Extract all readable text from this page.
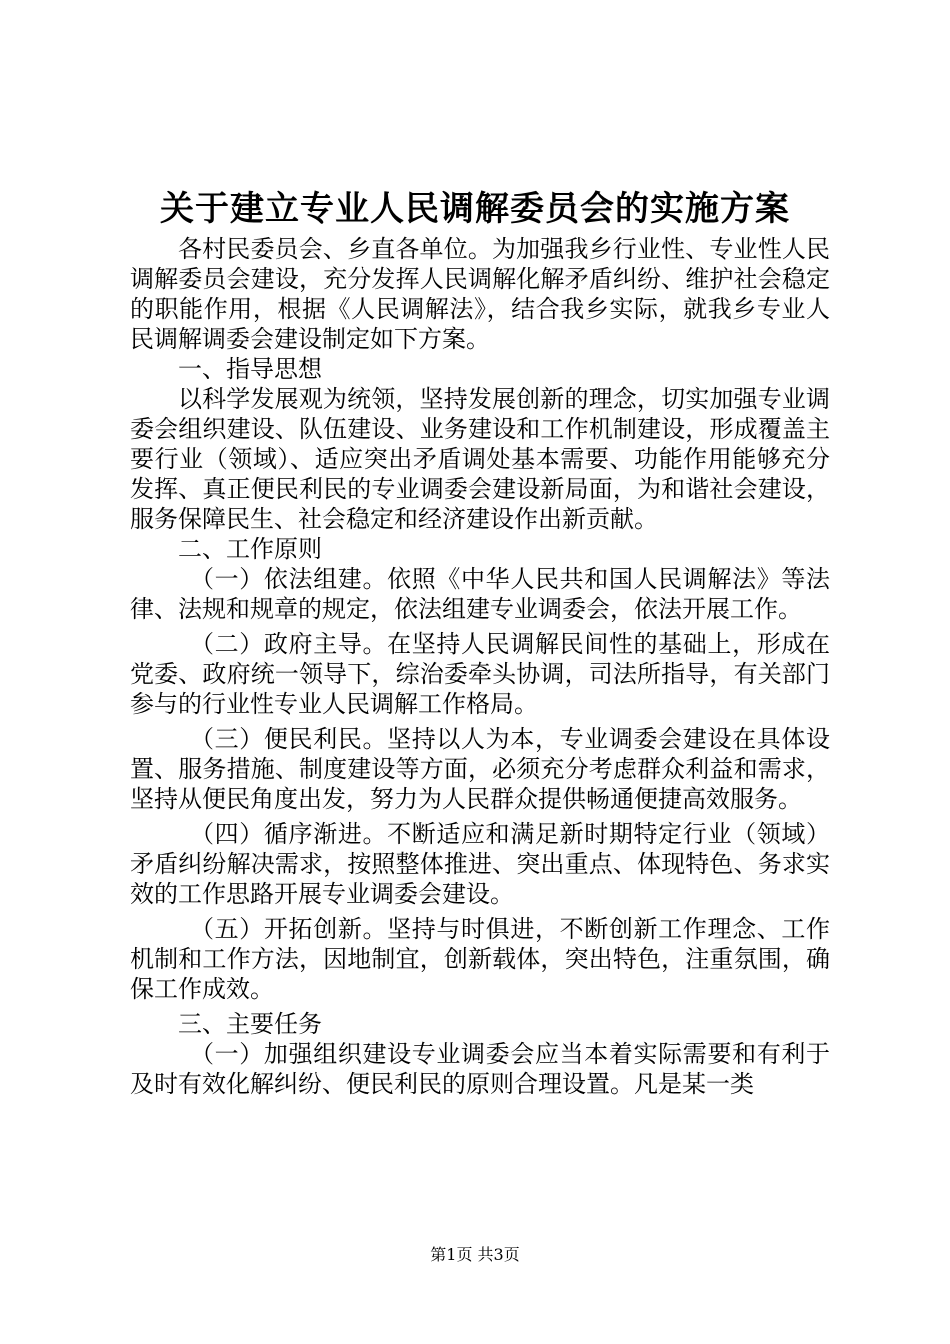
关于建立专业人民调解委员会的实施方案

各村民委员会、乡直各单位。为加强我乡行业性、专业性人民调解委员会建设，充分发挥人民调解化解矛盾纠纷、维护社会稳定的职能作用，根据《人民调解法》，结合我乡实际，就我乡专业人民调解调委会建设制定如下方案。

一、指导思想

以科学发展观为统领，坚持发展创新的理念，切实加强专业调委会组织建设、队伍建设、业务建设和工作机制建设，形成覆盖主要行业（领域）、适应突出矛盾调处基本需要、功能作用能够充分发挥、真正便民利民的专业调委会建设新局面，为和谐社会建设，服务保障民生、社会稳定和经济建设作出新贡献。

二、工作原则

（一）依法组建。依照《中华人民共和国人民调解法》等法律、法规和规章的规定，依法组建专业调委会，依法开展工作。

（二）政府主导。在坚持人民调解民间性的基础上，形成在党委、政府统一领导下，综治委牵头协调，司法所指导，有关部门参与的行业性专业人民调解工作格局。

（三）便民利民。坚持以人为本，专业调委会建设在具体设置、服务措施、制度建设等方面，必须充分考虑群众利益和需求，坚持从便民角度出发，努力为人民群众提供畅通便捷高效服务。

（四）循序渐进。不断适应和满足新时期特定行业（领域）矛盾纠纷解决需求，按照整体推进、突出重点、体现特色、务求实效的工作思路开展专业调委会建设。

（五）开拓创新。坚持与时俱进，不断创新工作理念、工作机制和工作方法，因地制宜，创新载体，突出特色，注重氛围，确保工作成效。

三、主要任务

（一）加强组织建设专业调委会应当本着实际需要和有利于及时有效化解纠纷、便民利民的原则合理设置。凡是某一类

第1页 共3页
